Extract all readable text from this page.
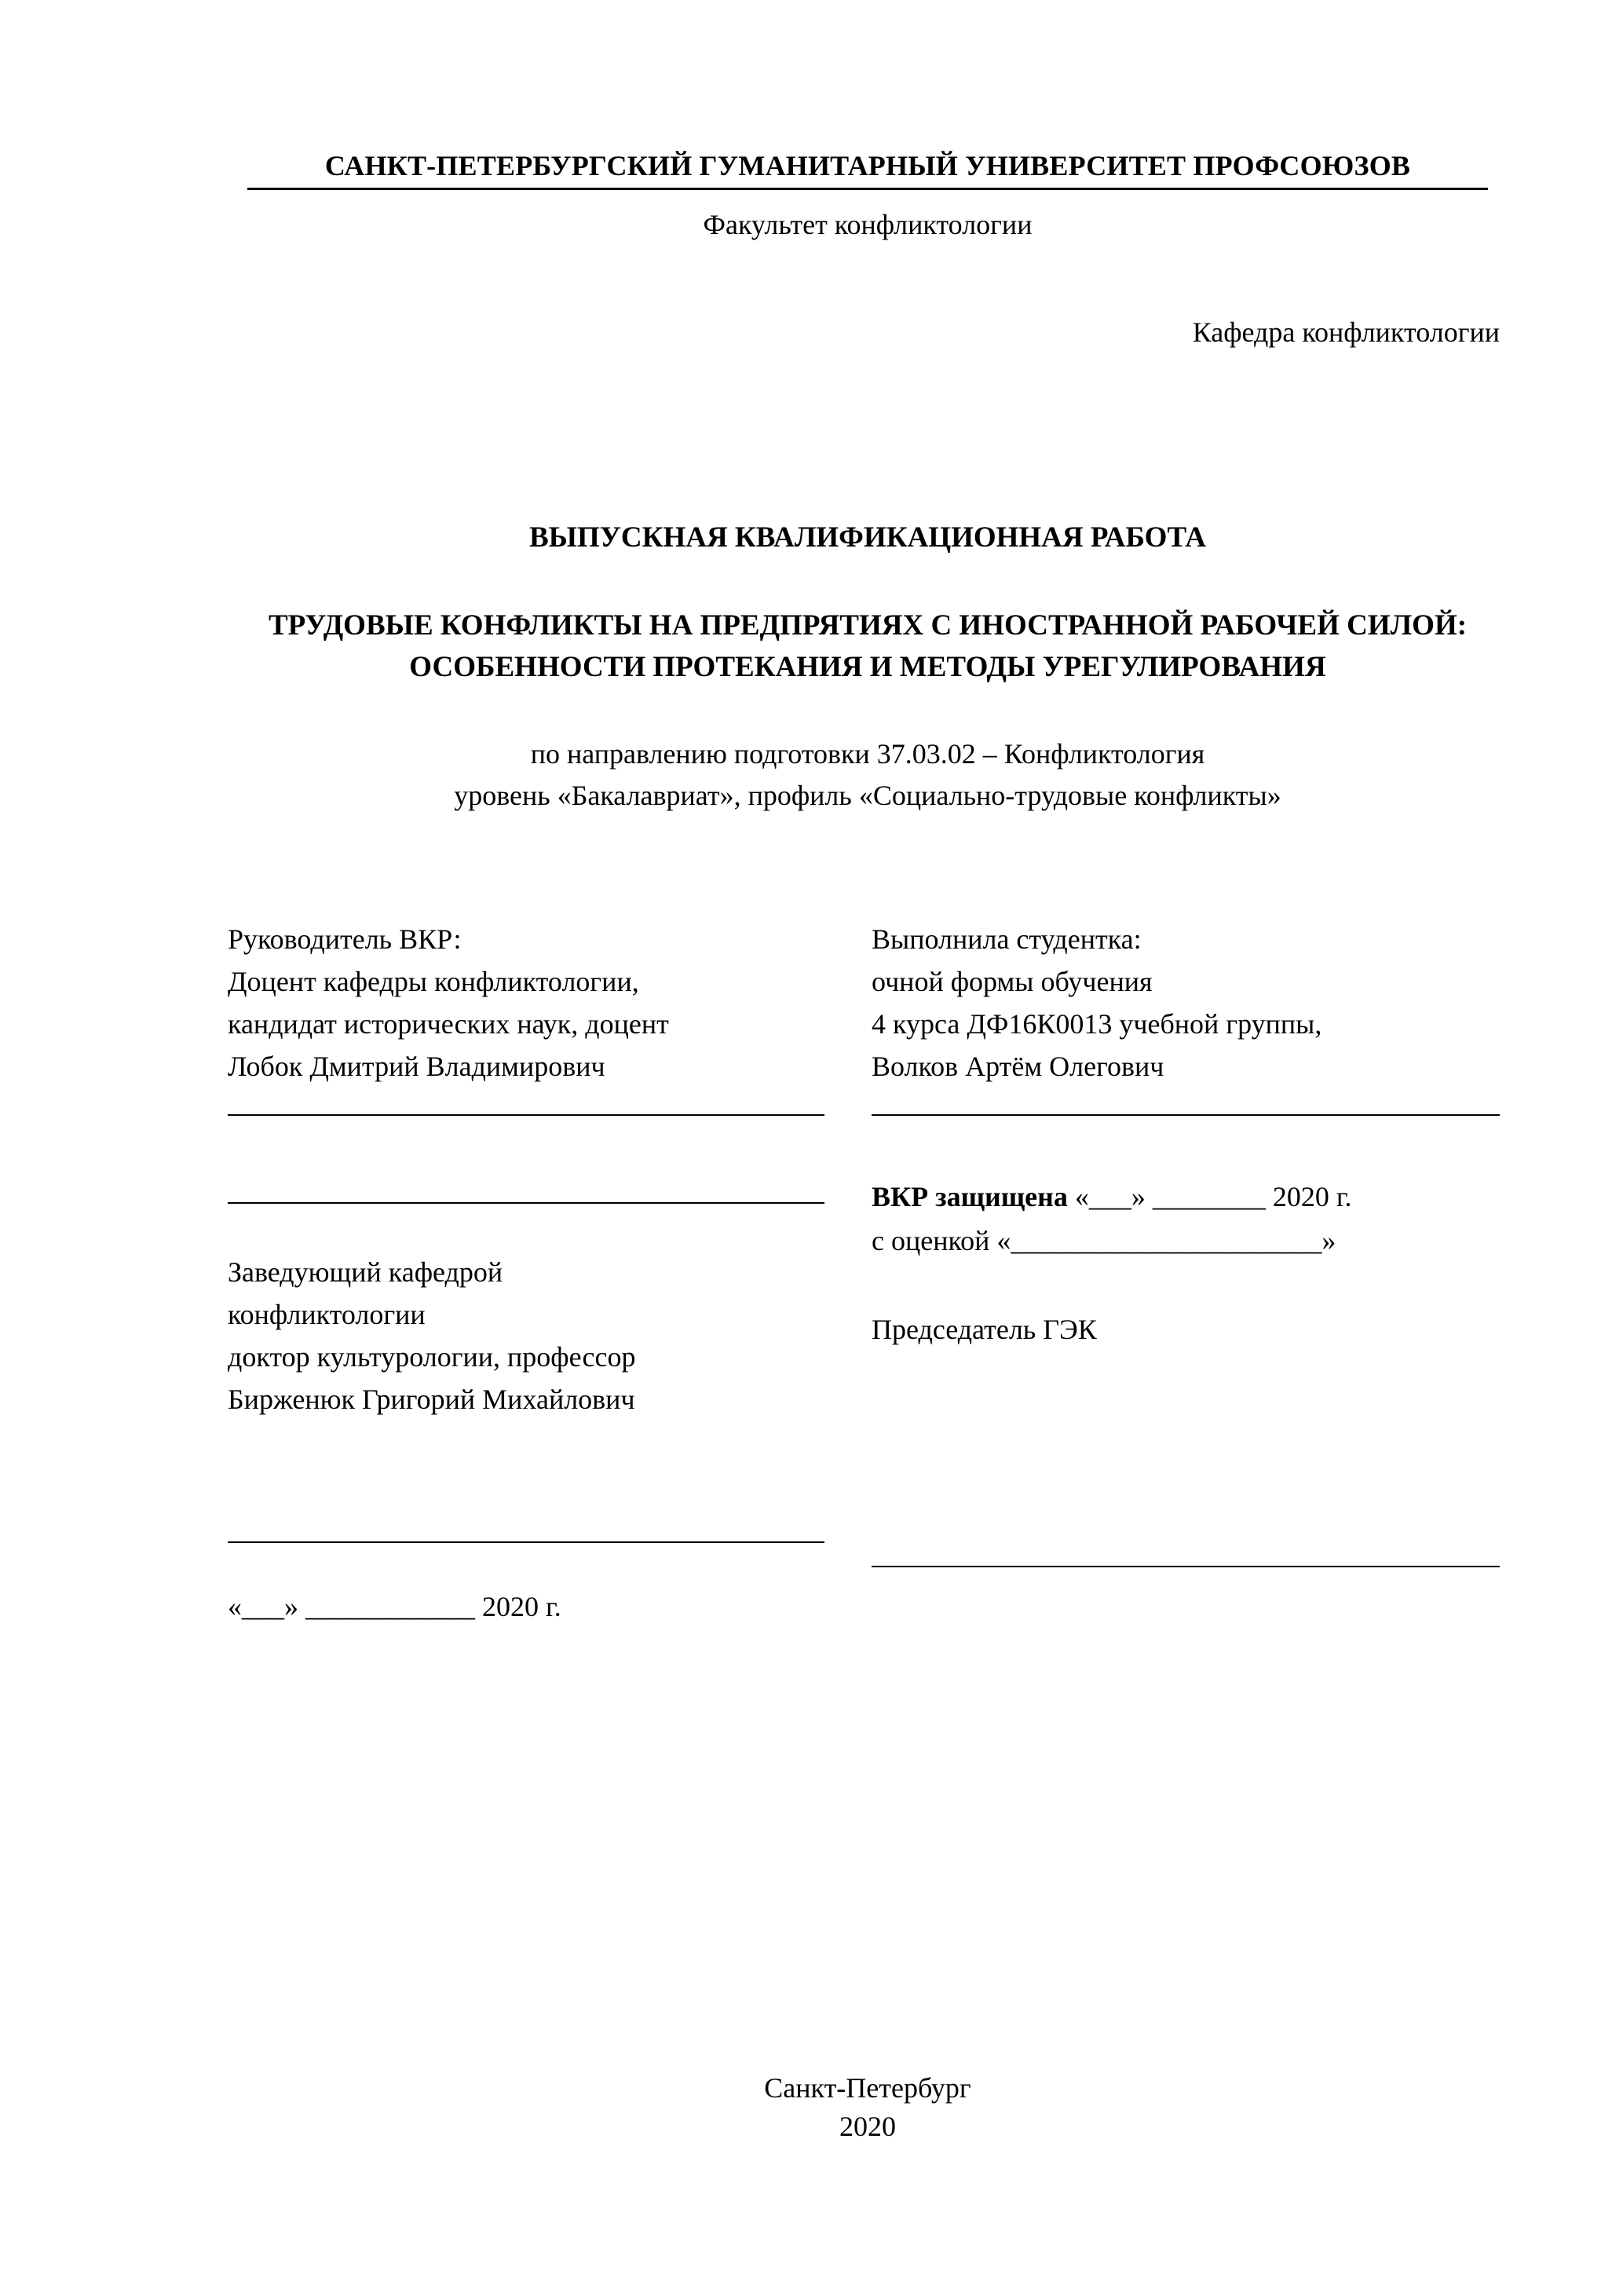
САНКТ-ПЕТЕРБУРГСКИЙ ГУМАНИТАРНЫЙ УНИВЕРСИТЕТ ПРОФСОЮЗОВ
Факультет конфликтологии
Кафедра конфликтологии
ВЫПУСКНАЯ КВАЛИФИКАЦИОННАЯ РАБОТА
ТРУДОВЫЕ КОНФЛИКТЫ НА ПРЕДПРЯТИЯХ С ИНОСТРАННОЙ РАБОЧЕЙ СИЛОЙ: ОСОБЕННОСТИ ПРОТЕКАНИЯ И МЕТОДЫ УРЕГУЛИРОВАНИЯ
по направлению подготовки 37.03.02 – Конфликтология
уровень «Бакалавриат», профиль «Социально-трудовые конфликты»
Руководитель ВКР:
Доцент кафедры конфликтологии,
кандидат исторических наук, доцент
Лобок Дмитрий Владимирович
Заведующий кафедрой
конфликтологии
доктор культурологии, профессор
Бирженюк Григорий Михайлович
«___» ____________ 2020 г.
Выполнила студентка:
очной формы обучения
4 курса ДФ16К0013 учебной группы,
Волков Артём Олегович
ВКР защищена «___» ________ 2020 г.
с оценкой «______________________»
Председатель ГЭК
Санкт-Петербург
2020
